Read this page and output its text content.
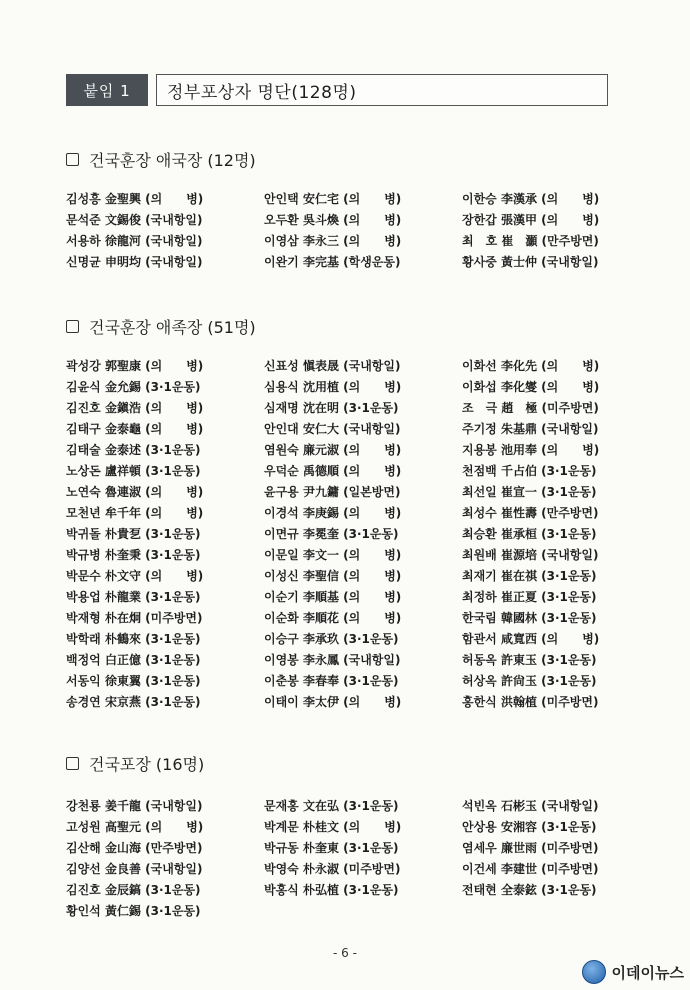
붙임 1	정부포상자 명단(128명)
건국훈장 애국장 (12명)
김성흥 金聖興 (의　　병)	안인택 安仁宅 (의　　병)	이한승 李漢承 (의　　병)
문석준 文錫俊 (국내항일)	오두환 吳斗煥 (의　　병)	장한갑 張漢甲 (의　　병)
서용하 徐龍河 (국내항일)	이영삼 李永三 (의　　병)	최　호 崔　灝 (만주방면)
신명균 申明均 (국내항일)	이완기 李完基 (학생운동)	황사중 黃士仲 (국내항일)
건국훈장 애족장 (51명)
곽성강 郭聖康 (의　　병)	신표성 愼表晟 (국내항일)	이화선 李化先 (의　　병)
김윤식 金允錫 (3·1운동)	심용식 沈用植 (의　　병)	이화섭 李化燮 (의　　병)
김진호 金鎭浩 (의　　병)	심재명 沈在明 (3·1운동)	조　극 趙　極 (미주방면)
김태구 金泰龜 (의　　병)	안인대 安仁大 (국내항일)	주기정 朱基鼎 (국내항일)
김태술 金泰述 (3·1운동)	염원숙 廉元淑 (의　　병)	지용봉 池用奉 (의　　병)
노상돈 盧祥頓 (3·1운동)	우덕순 禹德順 (의　　병)	천점백 千占伯 (3·1운동)
노연숙 魯連淑 (의　　병)	윤구용 尹九鏞 (일본방면)	최선일 崔宣一 (3·1운동)
모천년 牟千年 (의　　병)	이경석 李庚錫 (의　　병)	최성수 崔性壽 (만주방면)
박귀돌 朴貴乭 (3·1운동)	이면규 李冕奎 (3·1운동)	최승환 崔承桓 (3·1운동)
박규병 朴奎秉 (3·1운동)	이문일 李文一 (의　　병)	최원배 崔源培 (국내항일)
박문수 朴文守 (의　　병)	이성신 李聖信 (의　　병)	최재기 崔在祺 (3·1운동)
박용업 朴龍業 (3·1운동)	이순기 李順基 (의　　병)	최정하 崔正夏 (3·1운동)
박재형 朴在炯 (미주방면)	이순화 李順花 (의　　병)	한국림 韓國林 (3·1운동)
박학래 朴鶴來 (3·1운동)	이승구 李承玖 (3·1운동)	함관서 咸寬西 (의　　병)
백정억 白正億 (3·1운동)	이영봉 李永鳳 (국내항일)	허동옥 許東玉 (3·1운동)
서동익 徐東翼 (3·1운동)	이춘봉 李春奉 (3·1운동)	허상옥 許尙玉 (3·1운동)
송경연 宋京燕 (3·1운동)	이태이 李太伊 (의　　병)	홍한식 洪翰植 (미주방면)
건국포장 (16명)
강천룡 姜千龍 (국내항일)	문재홍 文在弘 (3·1운동)	석빈옥 石彬玉 (국내항일)
고성원 高聖元 (의　　병)	박계문 朴桂文 (의　　병)	안상용 安湘容 (3·1운동)
김산해 金山海 (만주방면)	박규동 朴奎東 (3·1운동)	염세우 廉世雨 (미주방면)
김양선 金良善 (국내항일)	박영숙 朴永淑 (미주방면)	이건세 李建世 (미주방면)
김진호 金辰鎬 (3·1운동)	박홍식 朴弘植 (3·1운동)	전태현 全泰鉉 (3·1운동)
황인석 黃仁錫 (3·1운동)
- 6 -
이데이뉴스
